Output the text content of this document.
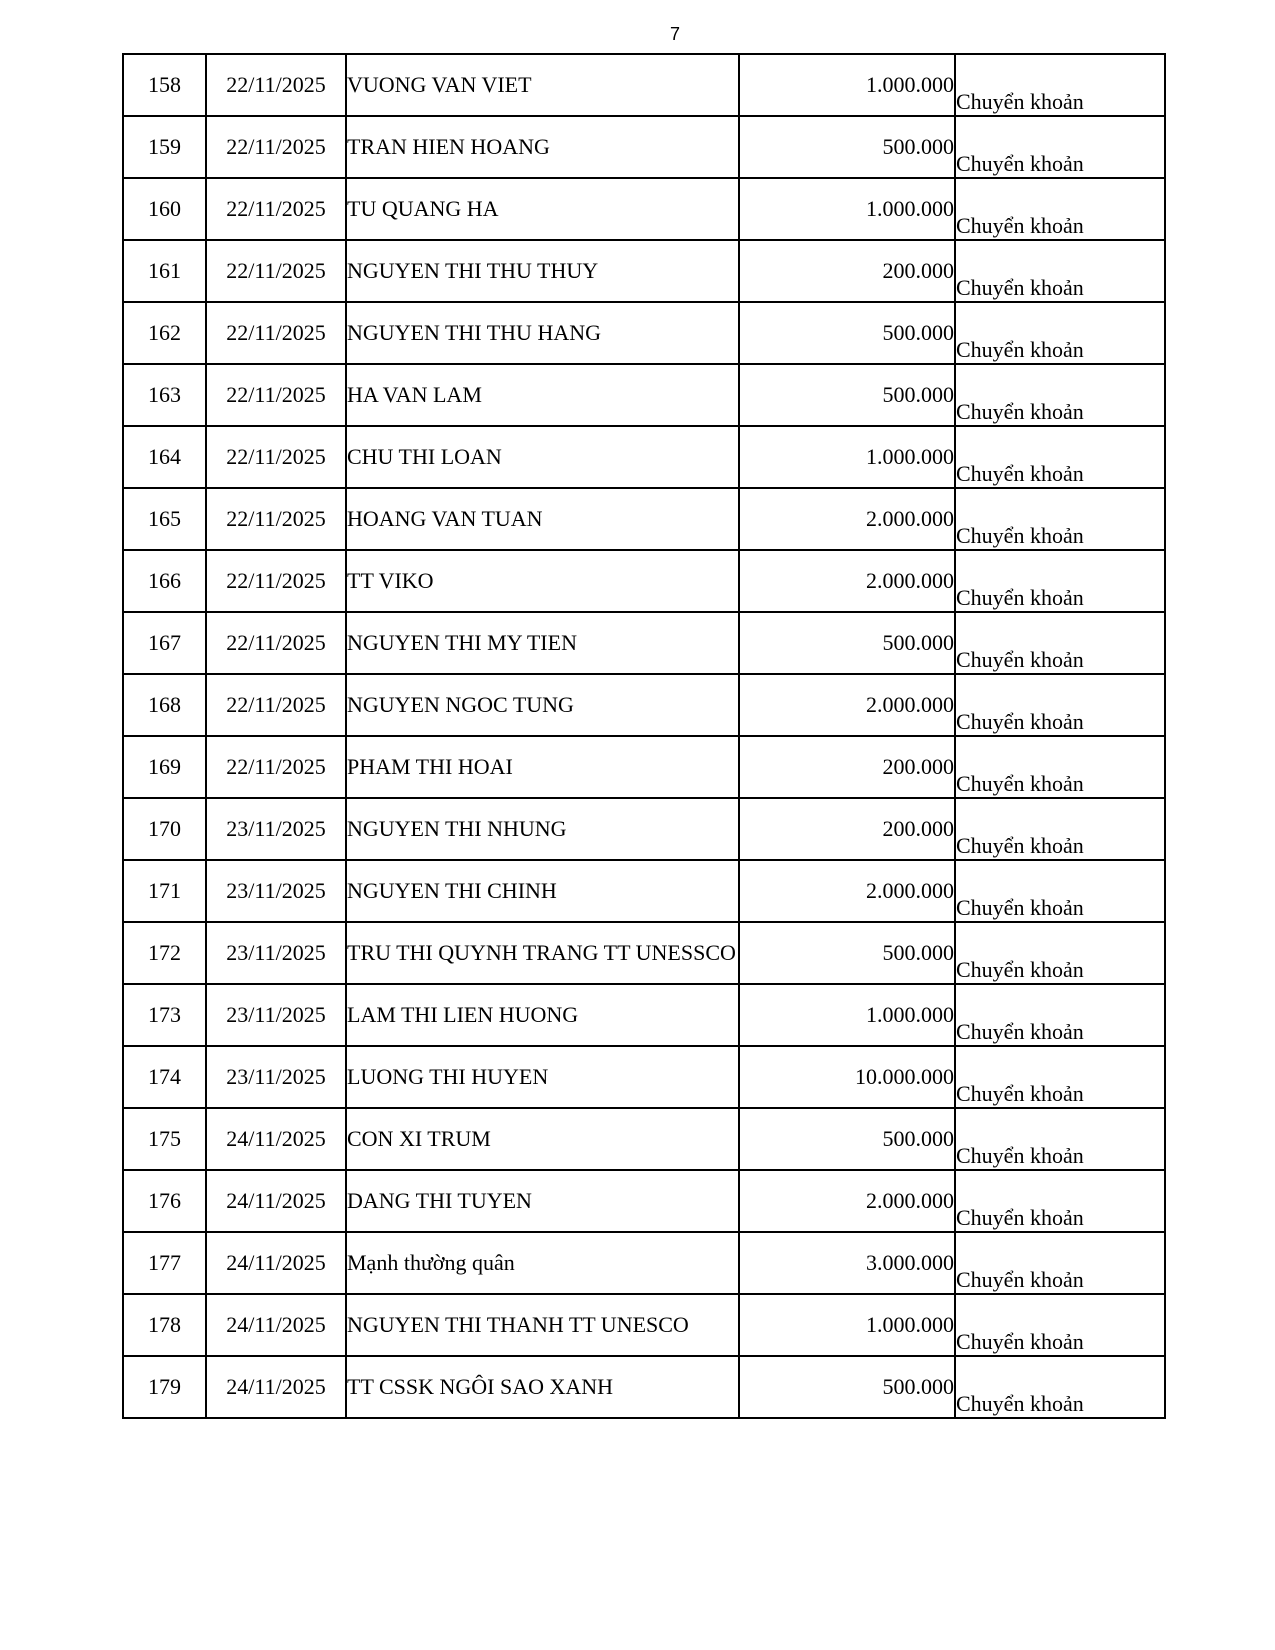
7
158	22/11/2025	VUONG VAN VIET	1.000.000	Chuyển khoản
159	22/11/2025	TRAN HIEN HOANG	500.000	Chuyển khoản
160	22/11/2025	TU QUANG HA	1.000.000	Chuyển khoản
161	22/11/2025	NGUYEN THI THU THUY	200.000	Chuyển khoản
162	22/11/2025	NGUYEN THI THU HANG	500.000	Chuyển khoản
163	22/11/2025	HA VAN LAM	500.000	Chuyển khoản
164	22/11/2025	CHU THI LOAN	1.000.000	Chuyển khoản
165	22/11/2025	HOANG VAN TUAN	2.000.000	Chuyển khoản
166	22/11/2025	TT VIKO	2.000.000	Chuyển khoản
167	22/11/2025	NGUYEN THI MY TIEN	500.000	Chuyển khoản
168	22/11/2025	NGUYEN NGOC TUNG	2.000.000	Chuyển khoản
169	22/11/2025	PHAM THI HOAI	200.000	Chuyển khoản
170	23/11/2025	NGUYEN THI NHUNG	200.000	Chuyển khoản
171	23/11/2025	NGUYEN THI CHINH	2.000.000	Chuyển khoản
172	23/11/2025	TRU THI QUYNH TRANG TT UNESSCO	500.000	Chuyển khoản
173	23/11/2025	LAM THI LIEN HUONG	1.000.000	Chuyển khoản
174	23/11/2025	LUONG THI HUYEN	10.000.000	Chuyển khoản
175	24/11/2025	CON XI TRUM	500.000	Chuyển khoản
176	24/11/2025	DANG THI TUYEN	2.000.000	Chuyển khoản
177	24/11/2025	Mạnh thường quân	3.000.000	Chuyển khoản
178	24/11/2025	NGUYEN THI THANH TT UNESCO	1.000.000	Chuyển khoản
179	24/11/2025	TT CSSK NGÔI SAO XANH	500.000	Chuyển khoản
